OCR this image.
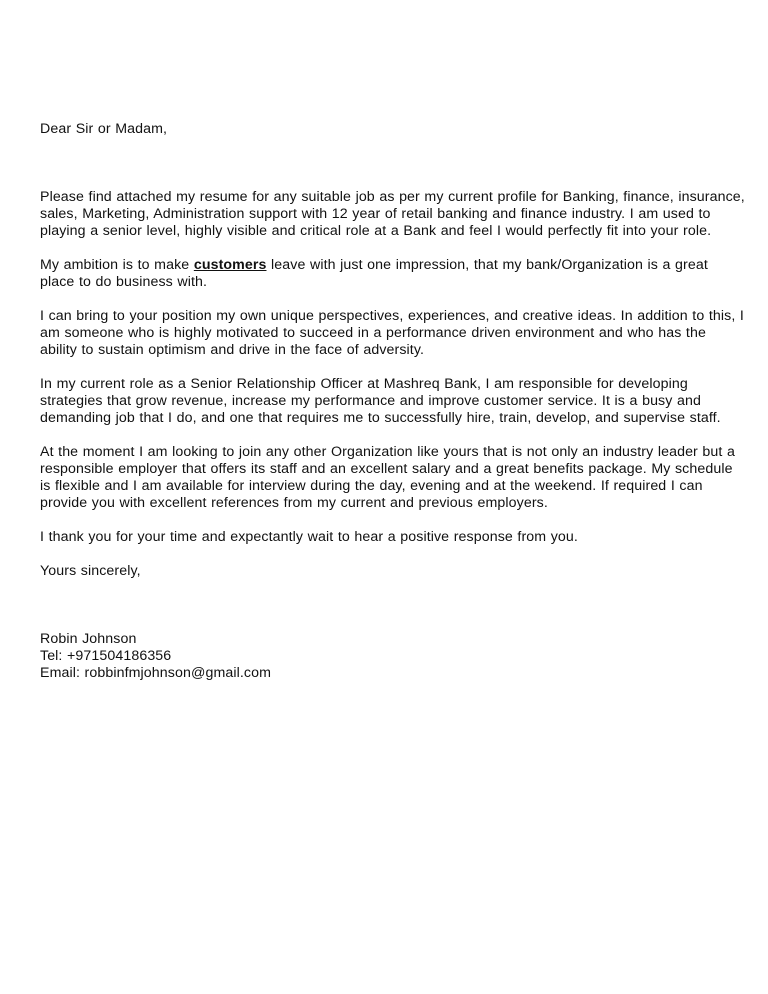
Dear Sir or Madam,

Please find attached my resume for any suitable job as per my current profile for Banking, finance, insurance, sales, Marketing, Administration support with 12 year of retail banking and finance industry. I am used to playing a senior level, highly visible and critical role at a Bank and feel I would perfectly fit into your role.

My ambition is to make customers leave with just one impression, that my bank/Organization is a great place to do business with.

I can bring to your position my own unique perspectives, experiences, and creative ideas. In addition to this, I am someone who is highly motivated to succeed in a performance driven environment and who has the ability to sustain optimism and drive in the face of adversity.

In my current role as a Senior Relationship Officer at Mashreq Bank, I am responsible for developing strategies that grow revenue, increase my performance and improve customer service. It is a busy and demanding job that I do, and one that requires me to successfully hire, train, develop, and supervise staff.

At the moment I am looking to join any other Organization like yours that is not only an industry leader but a responsible employer that offers its staff and an excellent salary and a great benefits package. My schedule is flexible and I am available for interview during the day, evening and at the weekend. If required I can provide you with excellent references from my current and previous employers.

I thank you for your time and expectantly wait to hear a positive response from you.

Yours sincerely,

Robin Johnson
Tel: +971504186356
Email: robbinfmjohnson@gmail.com
